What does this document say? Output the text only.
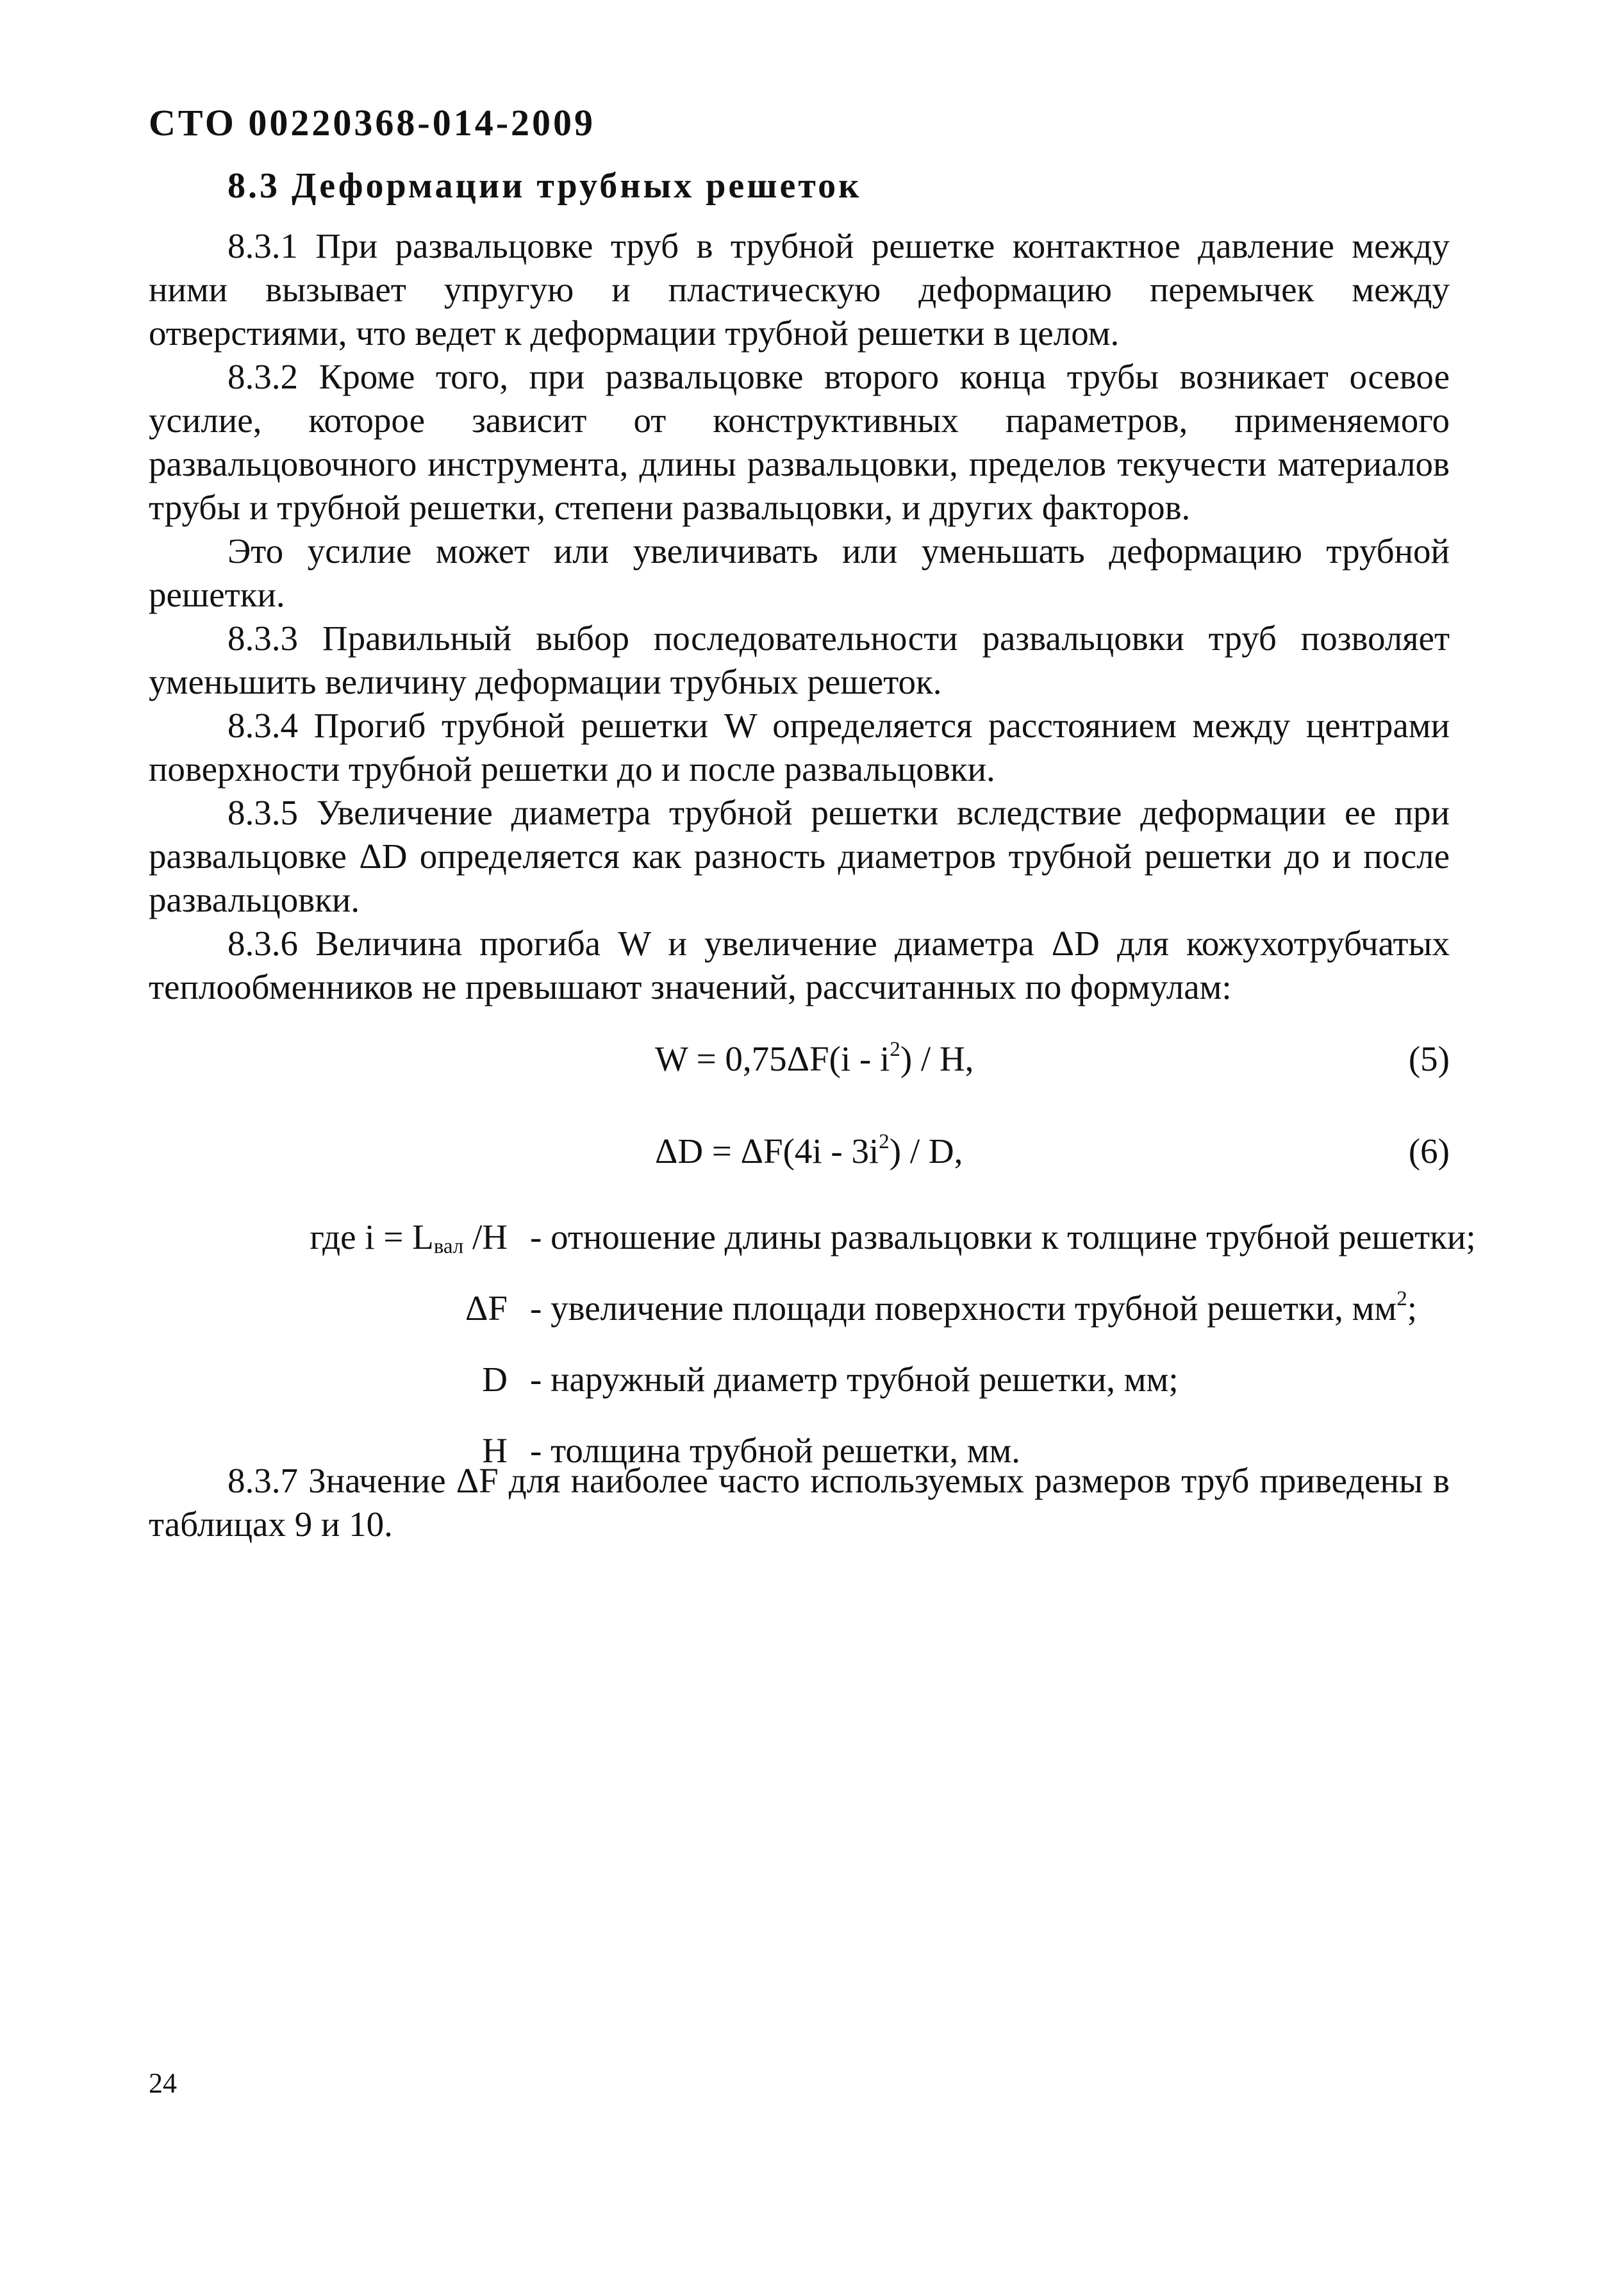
СТО 00220368-014-2009
8.3 Деформации трубных решеток

8.3.1 При развальцовке труб в трубной решетке контактное давление между ними вызывает упругую и пластическую деформацию перемычек между отверстиями, что ведет к деформации трубной решетки в целом.

8.3.2 Кроме того, при развальцовке второго конца трубы возникает осевое усилие, которое зависит от конструктивных параметров, применяемого развальцовочного инструмента, длины развальцовки, пределов текучести материалов трубы и трубной решетки, степени развальцовки, и других факторов.

Это усилие может или увеличивать или уменьшать деформацию трубной решетки.

8.3.3 Правильный выбор последовательности развальцовки труб позволяет уменьшить величину деформации трубных решеток.

8.3.4 Прогиб трубной решетки W определяется расстоянием между центрами поверхности трубной решетки до и после развальцовки.

8.3.5 Увеличение диаметра трубной решетки вследствие деформации ее при развальцовке ΔD определяется как разность диаметров трубной решетки до и после развальцовки.

8.3.6 Величина прогиба W и увеличение диаметра ΔD для кожухотрубчатых теплообменников не превышают значений, рассчитанных по формулам:

$W = 0,75\Delta F(i - i^2) / H$,	(5)
$\Delta D = \Delta F(4i - 3i^2) / D$,	(6)
где $i = L_{вал}$ /H - отношение длины развальцовки к толщине трубной решетки;
ΔF - увеличение площади поверхности трубной решетки, $мм^2$;
D - наружный диаметр трубной решетки, мм;
H - толщина трубной решетки, мм.

8.3.7 Значение ΔF для наиболее часто используемых размеров труб приведены в таблицах 9 и 10.

24
